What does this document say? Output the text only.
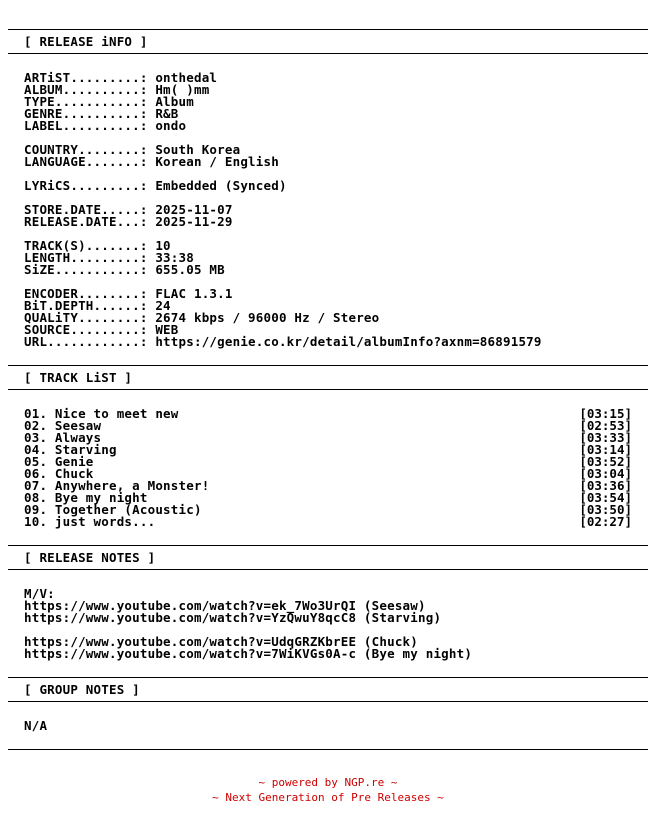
[ RELEASE iNFO ]
[ TRACK LiST ]
[ RELEASE NOTES ]
[ GROUP NOTES ]
ARTiST.........: onthedal
ALBUM..........: Hm( )mm
TYPE...........: Album
GENRE..........: R&B
LABEL..........: ondo
COUNTRY........: South Korea
LANGUAGE.......: Korean / English
LYRiCS.........: Embedded (Synced)
STORE.DATE.....: 2025-11-07
RELEASE.DATE...: 2025-11-29
TRACK(S).......: 10
LENGTH.........: 33:38
SiZE...........: 655.05 MB
ENCODER........: FLAC 1.3.1
BiT.DEPTH......: 24
QUALiTY........: 2674 kbps / 96000 Hz / Stereo
SOURCE.........: WEB
URL............: https://genie.co.kr/detail/albumInfo?axnm=86891579
01. Nice to meet new	[03:15]
02. Seesaw	[02:53]
03. Always	[03:33]
04. Starving	[03:14]
05. Genie	[03:52]
06. Chuck	[03:04]
07. Anywhere, a Monster!	[03:36]
08. Bye my night	[03:54]
09. Together (Acoustic)	[03:50]
10. just words...	[02:27]
M/V:
https://www.youtube.com/watch?v=ek_7Wo3UrQI (Seesaw)
https://www.youtube.com/watch?v=YzQwuY8qcC8 (Starving)
https://www.youtube.com/watch?v=UdqGRZKbrEE (Chuck)
https://www.youtube.com/watch?v=7WiKVGs0A-c (Bye my night)
N/A
~ powered by NGP.re ~
~ Next Generation of Pre Releases ~
